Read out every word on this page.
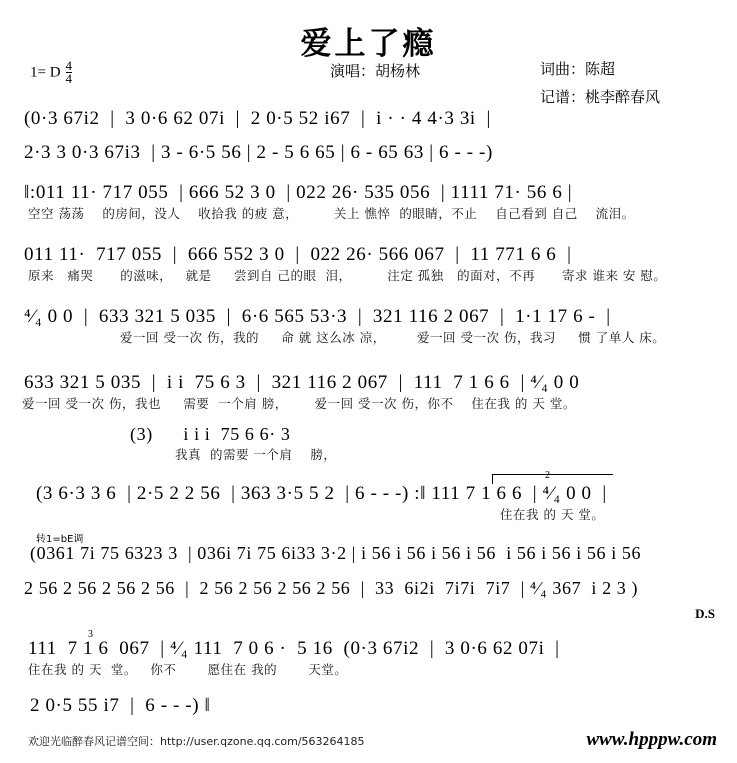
爱上了瘾
1= D $\frac{4}{4}$	演唱：胡杨林	词曲：陈超
记谱：桃李醉春风
(0·3 67i2  |  3 0·6 62 07i  |  2 0·5 52 i67  |  i · · 4 4·3 3i  |
2·3 3 0·3 67i3  | 3 - 6·5 56 | 2 - 5 6 65 | 6 - 65 63 | 6 - - -)
‖:011 11· 717 055  | 666 52 3 0  | 022 26· 535 056  | 1111 71· 56 6 |
空空 荡荡    的房间，没人    收拾我 的疲 意，        关上 憔悴  的眼睛，不止    自己看到 自己    流泪。
011 11·  717 055  |  666 552 3 0  |  022 26· 566 067  |  11 771 6 6  |
原来   痛哭      的滋味，   就是     尝到自 己的眼  泪，        注定 孤独   的面对，不再      寄求 谁来 安 慰。
⁴⁄₄ 0 0  |  633 321 5 035  |  6·6 565 53·3  |  321 116 2 067  |  1·1 17 6 -  |
爱一回 受一次 伤，我的     命 就 这么冰 凉，       爱一回 受一次 伤，我习     惯 了单人 床。
633 321 5 035  |  i i  75 6 3  |  321 116 2 067  |  111  7 1 6 6  | ⁴⁄₄ 0 0
爱一回 受一次 伤，我也     需要  一个肩 膀，      爱一回 受一次 伤，你不    住在我 的 天 堂。
(3)      i i i  75 6 6· 3
我真  的需要 一个肩    膀，
(3 6·3 3 6  | 2·5 2 2 56  | 363 3·5 5 2  | 6 - - -) :‖ 111 7 1 6 6  | ⁴⁄₄ 0 0  |
住在我 的 天 堂。
2
转1=bE调
(0361 7i 75 6323 3  | 036i 7i 75 6i33 3·2 | i 56 i 56 i 56 i 56  i 56 i 56 i 56 i 56
2 56 2 56 2 56 2 56  |  2 56 2 56 2 56 2 56  |  33  6i2i  7i7i  7i7  | ⁴⁄₄ 367  i 2 3 )
D.S
111  7 1 6  067  | ⁴⁄₄ 111  7 0 6 ·  5 16  (0·3 67i2  |  3 0·6 62 07i  |
住在我 的 天  堂。   你不       愿住在 我的       天堂。
3
2 0·5 55 i7  |  6 - - -) ‖
欢迎光临醉春风记谱空间：http://user.qzone.qq.com/563264185	www.hpppw.com
